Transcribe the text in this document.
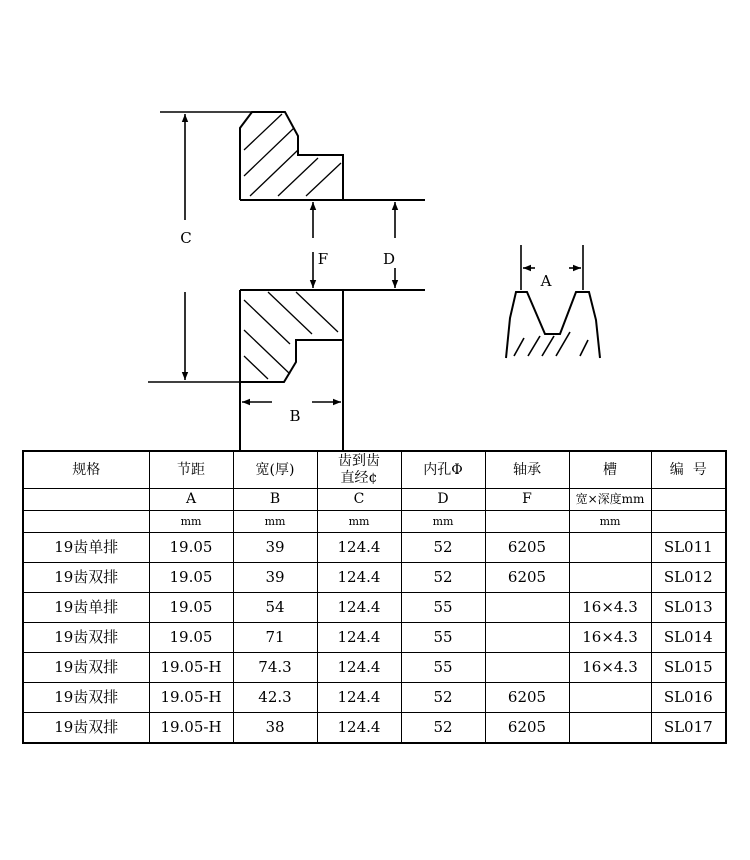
C
F	D
B
A
规格	节距	宽(厚)	齿到齿
直经¢	内孔Φ	轴承	槽	编  号
	A	B	C	D	F	宽×深度mm	
	mm	mm	mm	mm		mm	
19齿单排	19.05	39	124.4	52	6205		SL011
19齿双排	19.05	39	124.4	52	6205		SL012
19齿单排	19.05	54	124.4	55		16×4.3	SL013
19齿双排	19.05	71	124.4	55		16×4.3	SL014
19齿双排	19.05-H	74.3	124.4	55		16×4.3	SL015
19齿双排	19.05-H	42.3	124.4	52	6205		SL016
19齿双排	19.05-H	38	124.4	52	6205		SL017
